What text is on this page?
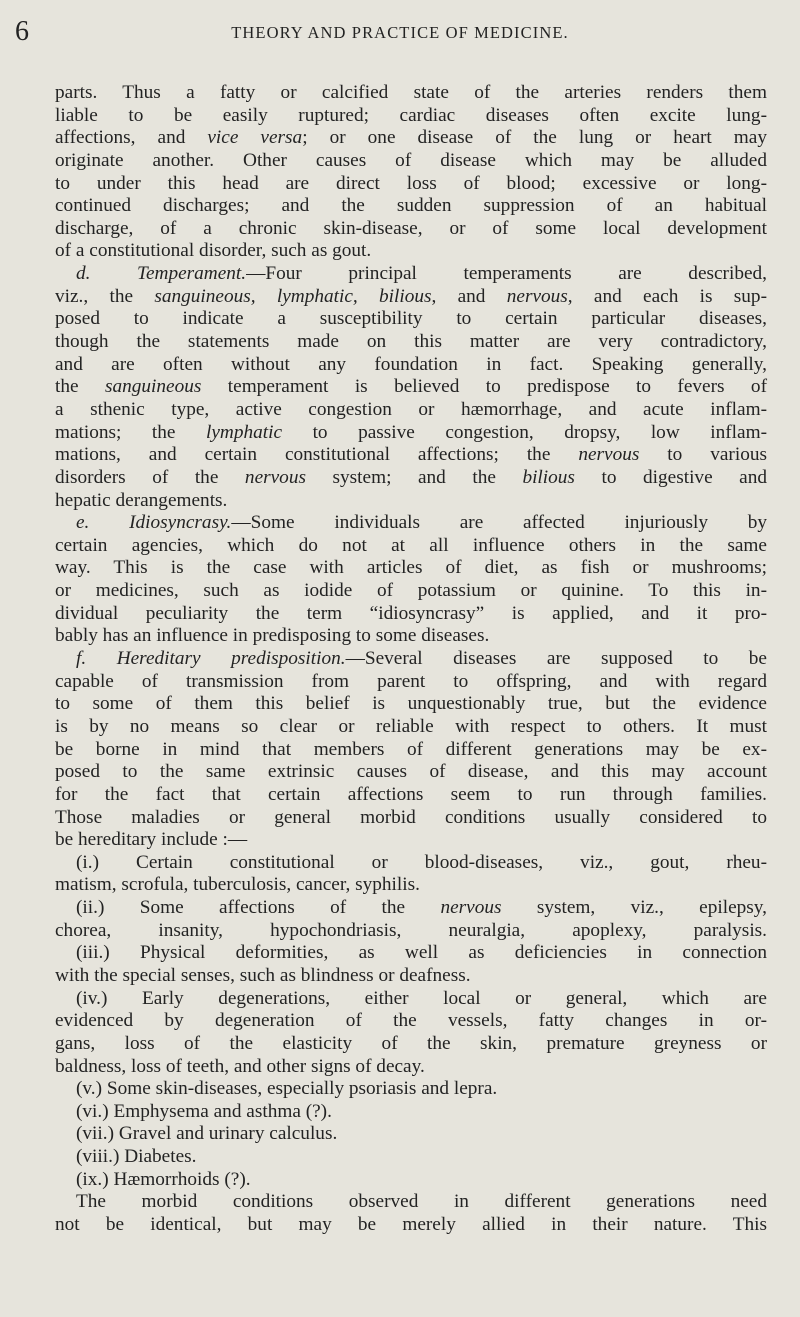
6	THEORY AND PRACTICE OF MEDICINE.
parts. Thus a fatty or calcified state of the arteries renders them
liable to be easily ruptured; cardiac diseases often excite lung-
affections, and vice versa; or one disease of the lung or heart may
originate another. Other causes of disease which may be alluded
to under this head are direct loss of blood; excessive or long-
continued discharges; and the sudden suppression of an habitual
discharge, of a chronic skin-disease, or of some local development
of a constitutional disorder, such as gout.
d. Temperament.—Four principal temperaments are described,
viz., the sanguineous, lymphatic, bilious, and nervous, and each is sup-
posed to indicate a susceptibility to certain particular diseases,
though the statements made on this matter are very contradictory,
and are often without any foundation in fact. Speaking generally,
the sanguineous temperament is believed to predispose to fevers of
a sthenic type, active congestion or hæmorrhage, and acute inflam-
mations; the lymphatic to passive congestion, dropsy, low inflam-
mations, and certain constitutional affections; the nervous to various
disorders of the nervous system; and the bilious to digestive and
hepatic derangements.
e. Idiosyncrasy.—Some individuals are affected injuriously by
certain agencies, which do not at all influence others in the same
way. This is the case with articles of diet, as fish or mushrooms;
or medicines, such as iodide of potassium or quinine. To this in-
dividual peculiarity the term “idiosyncrasy” is applied, and it pro-
bably has an influence in predisposing to some diseases.
f. Hereditary predisposition.—Several diseases are supposed to be
capable of transmission from parent to offspring, and with regard
to some of them this belief is unquestionably true, but the evidence
is by no means so clear or reliable with respect to others. It must
be borne in mind that members of different generations may be ex-
posed to the same extrinsic causes of disease, and this may account
for the fact that certain affections seem to run through families.
Those maladies or general morbid conditions usually considered to
be hereditary include :—
(i.) Certain constitutional or blood-diseases, viz., gout, rheu-
matism, scrofula, tuberculosis, cancer, syphilis.
(ii.) Some affections of the nervous system, viz., epilepsy,
chorea, insanity, hypochondriasis, neuralgia, apoplexy, paralysis.
(iii.) Physical deformities, as well as deficiencies in connection
with the special senses, such as blindness or deafness.
(iv.) Early degenerations, either local or general, which are
evidenced by degeneration of the vessels, fatty changes in or-
gans, loss of the elasticity of the skin, premature greyness or
baldness, loss of teeth, and other signs of decay.
(v.) Some skin-diseases, especially psoriasis and lepra.
(vi.) Emphysema and asthma (?).
(vii.) Gravel and urinary calculus.
(viii.) Diabetes.
(ix.) Hæmorrhoids (?).
The morbid conditions observed in different generations need
not be identical, but may be merely allied in their nature. This
